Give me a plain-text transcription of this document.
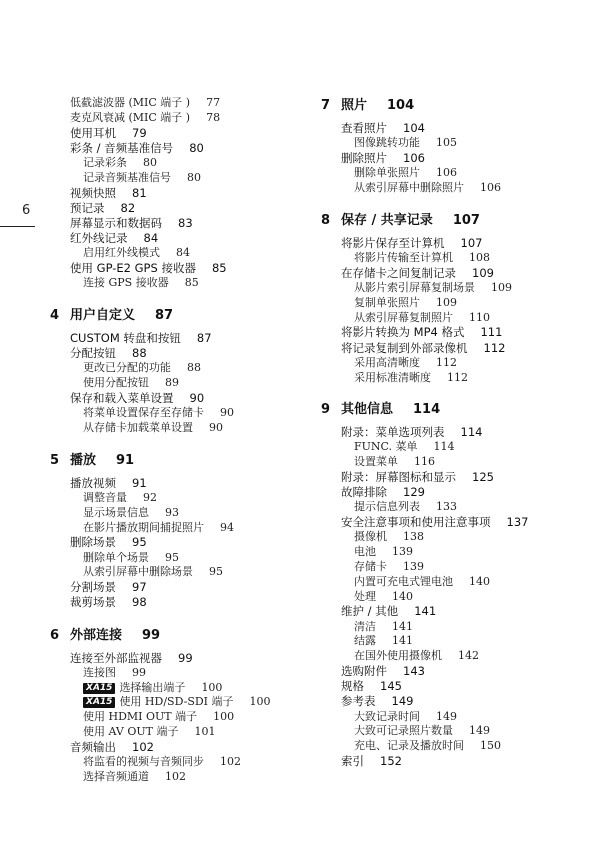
6
低截滤波器 (MIC 端子 ) 77
麦克风衰减 (MIC 端子 ) 78
使用耳机 79
彩条 / 音频基准信号 80
记录彩条 80
记录音频基准信号 80
视频快照 81
预记录 82
屏幕显示和数据码 83
红外线记录 84
启用红外线模式 84
使用 GP-E2 GPS 接收器 85
连接 GPS 接收器 85
4 用户自定义 87
CUSTOM 转盘和按钮 87
分配按钮 88
更改已分配的功能 88
使用分配按钮 89
保存和载入菜单设置 90
将菜单设置保存至存储卡 90
从存储卡加载菜单设置 90
5 播放 91
播放视频 91
调整音量 92
显示场景信息 93
在影片播放期间捕捉照片 94
删除场景 95
删除单个场景 95
从索引屏幕中删除场景 95
分割场景 97
裁剪场景 98
6 外部连接 99
连接至外部监视器 99
连接图 99
XA15 选择输出端子 100
XA15 使用 HD/SD-SDI 端子 100
使用 HDMI OUT 端子 100
使用 AV OUT 端子 101
音频输出 102
将监看的视频与音频同步 102
选择音频通道 102
7 照片 104
查看照片 104
图像跳转功能 105
删除照片 106
删除单张照片 106
从索引屏幕中删除照片 106
8 保存 / 共享记录 107
将影片保存至计算机 107
将影片传输至计算机 108
在存储卡之间复制记录 109
从影片索引屏幕复制场景 109
复制单张照片 109
从索引屏幕复制照片 110
将影片转换为 MP4 格式 111
将记录复制到外部录像机 112
采用高清晰度 112
采用标准清晰度 112
9 其他信息 114
附录：菜单选项列表 114
FUNC. 菜单 114
设置菜单 116
附录：屏幕图标和显示 125
故障排除 129
提示信息列表 133
安全注意事项和使用注意事项 137
摄像机 138
电池 139
存储卡 139
内置可充电式锂电池 140
处理 140
维护 / 其他 141
清洁 141
结露 141
在国外使用摄像机 142
选购附件 143
规格 145
参考表 149
大致记录时间 149
大致可记录照片数量 149
充电、记录及播放时间 150
索引 152
